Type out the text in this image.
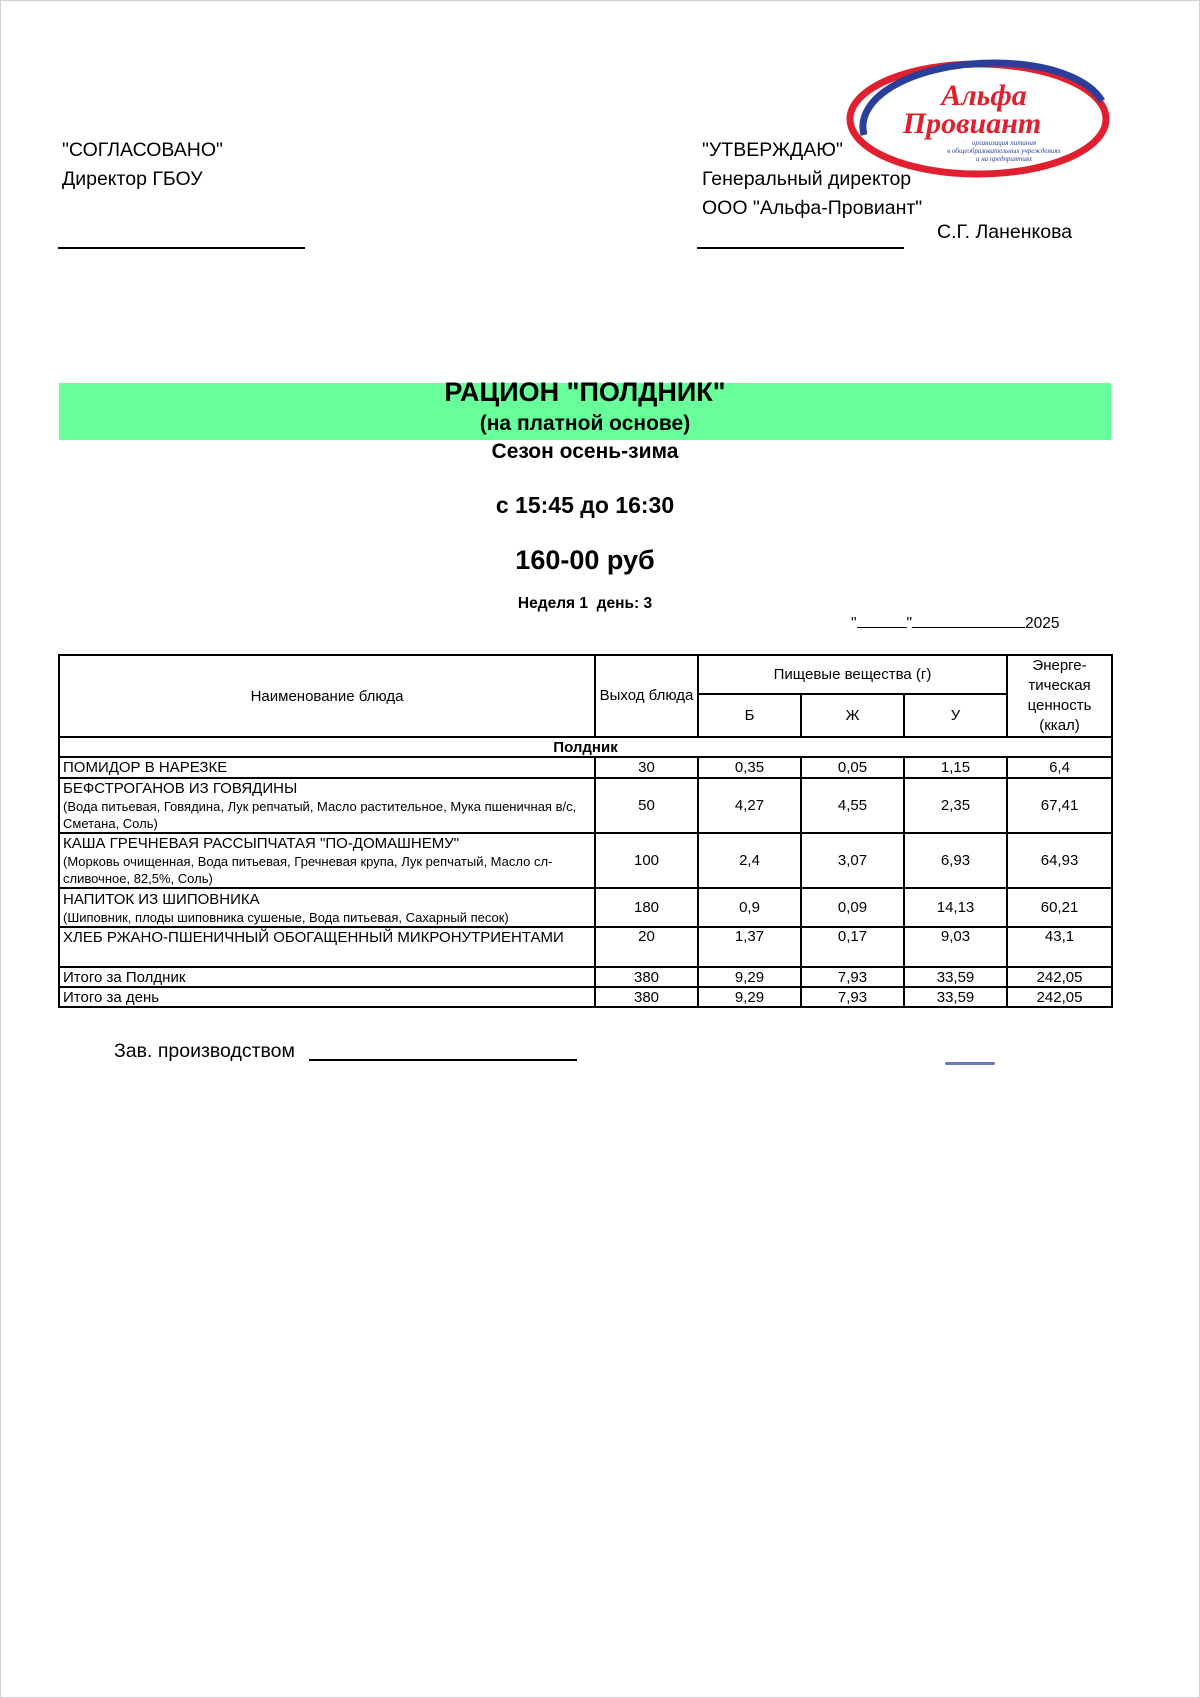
Альфа
Провиант
организация питания
в общеобразовательных учреждениях
и на предприятиях
"СОГЛАСОВАНО"
Директор ГБОУ
"УТВЕРЖДАЮ"
Генеральный директор
ООО "Альфа-Провиант"
С.Г. Ланенкова
РАЦИОН "ПОЛДНИК"
(на платной основе)
Сезон осень-зима
с 15:45 до 16:30
160-00 руб
Неделя 1  день: 3
"	"	2025
Наименование блюда	Выход блюда	Пищевые вещества (г)			Энерге-тическая ценность (ккал)
		Б	Ж	У	
Полдник					

ПОМИДОР В НАРЕЗКЕ	30	0,35	0,05	1,15	6,4

БЕФСТРОГАНОВ ИЗ ГОВЯДИНЫ
(Вода питьевая, Говядина, Лук репчатый, Масло растительное, Мука пшеничная в/с, Сметана, Соль)	50	4,27	4,55	2,35	67,41

КАША ГРЕЧНЕВАЯ РАССЫПЧАТАЯ "ПО-ДОМАШНЕМУ"
(Морковь очищенная, Вода питьевая, Гречневая крупа, Лук репчатый, Масло сл-сливочное, 82,5%, Соль)	100	2,4	3,07	6,93	64,93

НАПИТОК ИЗ ШИПОВНИКА
(Шиповник, плоды шиповника сушеные, Вода питьевая, Сахарный песок)	180	0,9	0,09	14,13	60,21

ХЛЕБ РЖАНО-ПШЕНИЧНЫЙ ОБОГАЩЕННЫЙ МИКРОНУТРИЕНТАМИ	20	1,37	0,17	9,03	43,1
Итого за Полдник	380	9,29	7,93	33,59	242,05
Итого за день	380	9,29	7,93	33,59	242,05
Зав. производством
